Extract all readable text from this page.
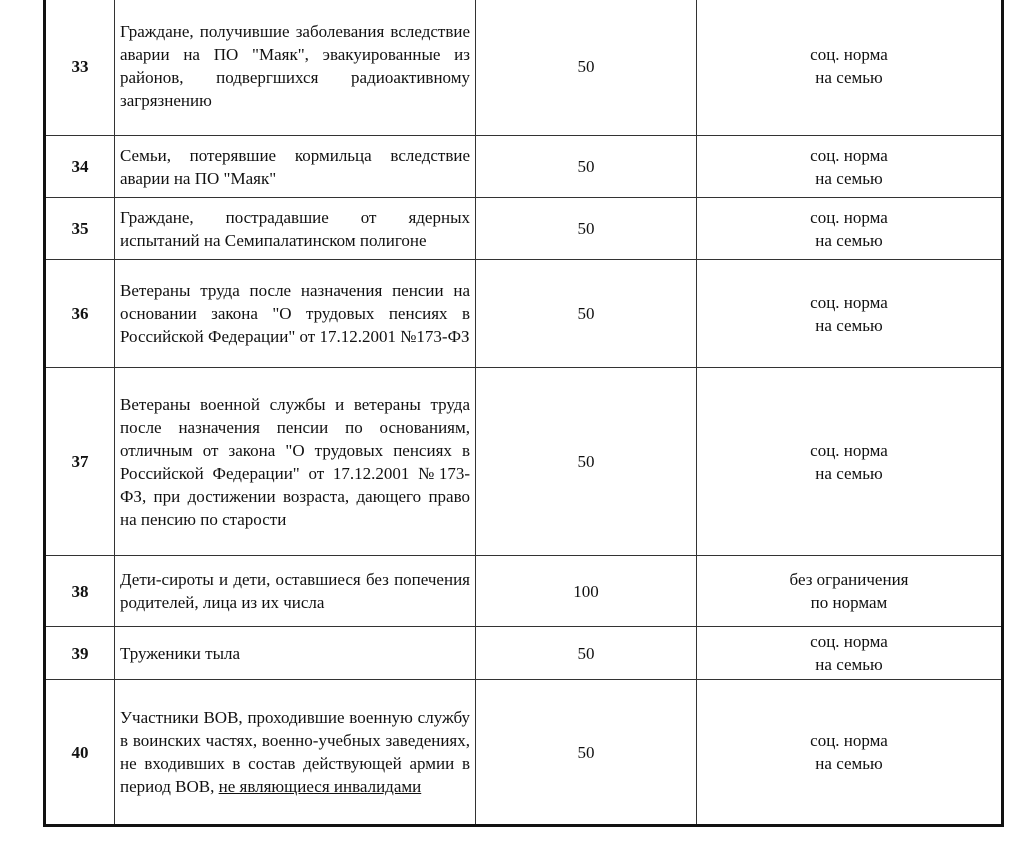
33	Граждане, получившие заболевания вследствие аварии на ПО "Маяк", эвакуированные из районов, подвергшихся радиоактивному загрязнению	50	соц. норма
на семью

34	Семьи, потерявшие кормильца вследствие аварии на ПО "Маяк"	50	соц. норма
на семью

35	Граждане, пострадавшие от ядерных испытаний на Семипалатинском полигоне	50	соц. норма
на семью

36	Ветераны труда после назначения пенсии на основании закона "О трудовых пенсиях в Российской Федерации" от 17.12.2001 №173-ФЗ	50	соц. норма
на семью

37	Ветераны военной службы и ветераны труда после назначения пенсии по основаниям, отличным от закона "О трудовых пенсиях в Российской Федерации" от 17.12.2001 №173-ФЗ, при достижении возраста, дающего право на пенсию по старости	50	соц. норма
на семью

38	Дети-сироты и дети, оставшиеся без попечения родителей, лица из их числа	100	без ограничения
по нормам

39	Труженики тыла	50	соц. норма
на семью

40	Участники ВОВ, проходившие военную службу в воинских частях, военно-учебных заведениях, не входивших в состав действующей армии в период ВОВ, не являющиеся инвалидами	50	соц. норма
на семью
